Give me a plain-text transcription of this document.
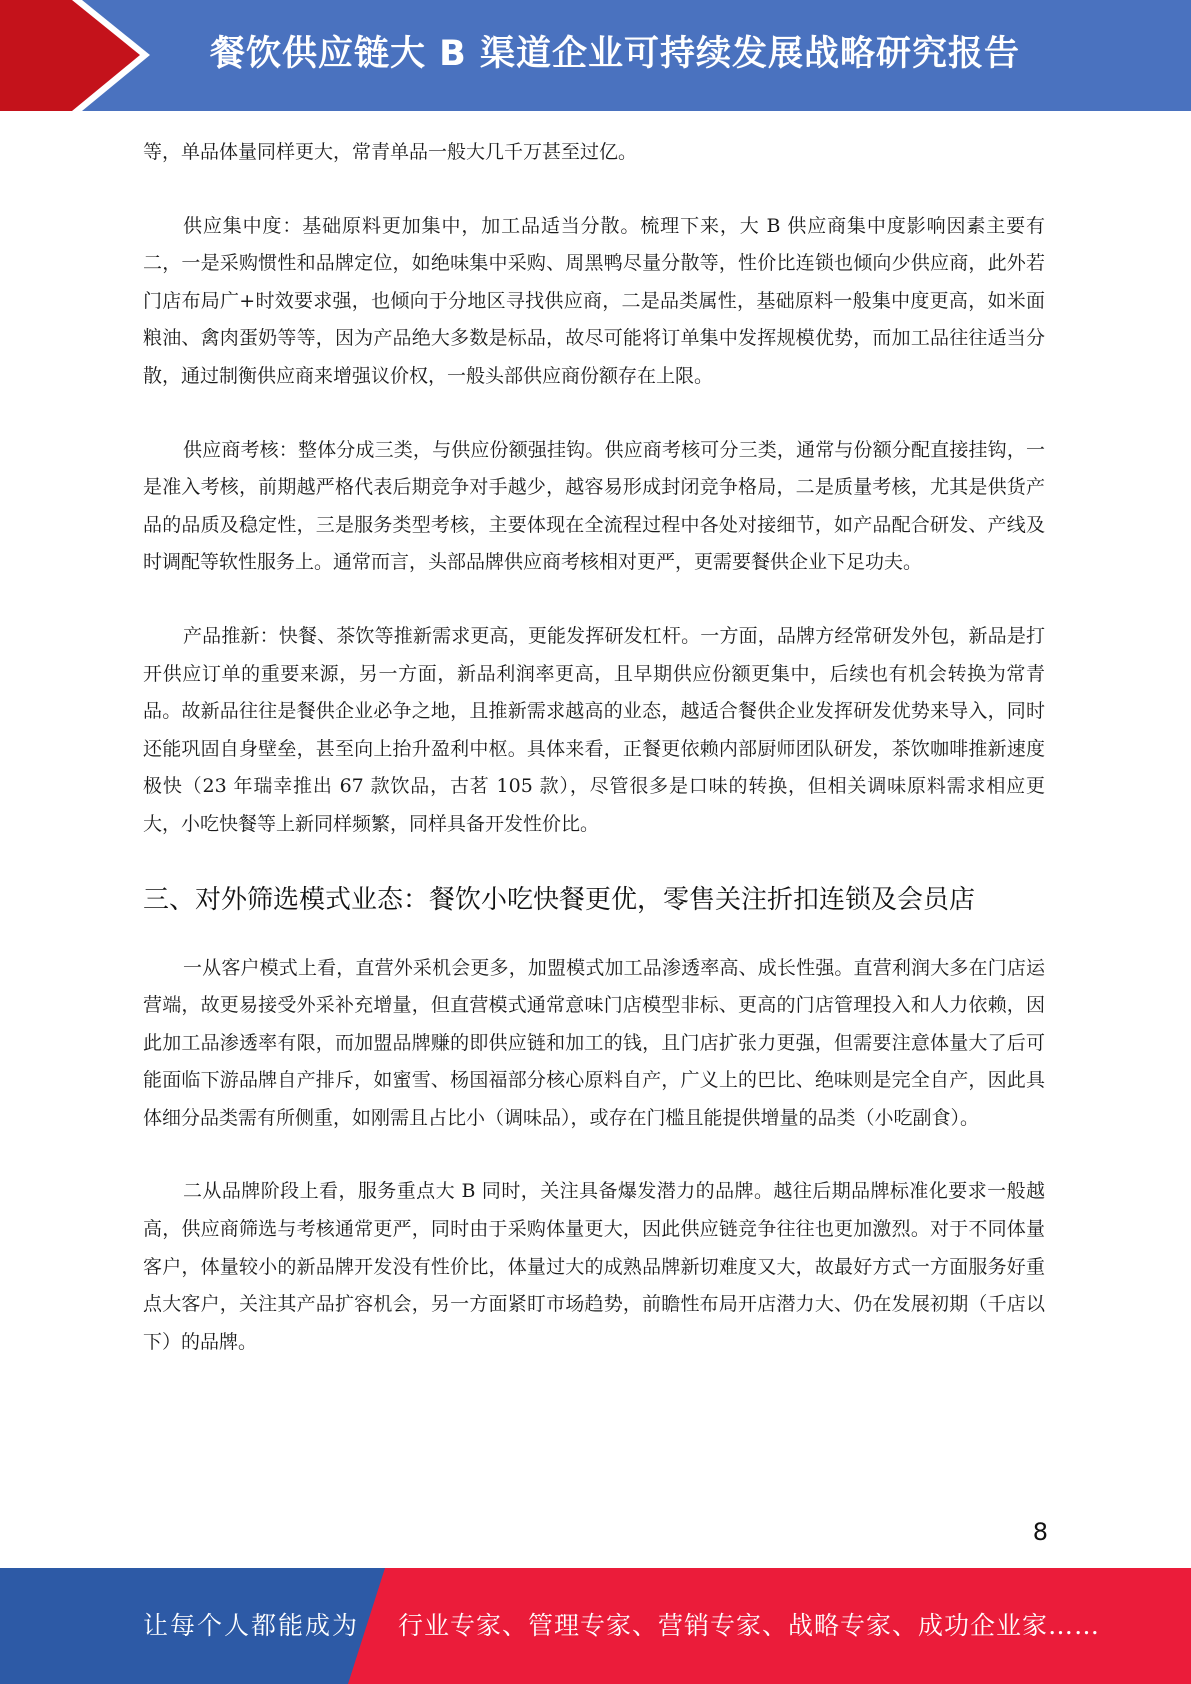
餐饮供应链大 B 渠道企业可持续发展战略研究报告

等，单品体量同样更大，常青单品一般大几千万甚至过亿。

供应集中度：基础原料更加集中，加工品适当分散。梳理下来，大 B 供应商集中度影响因素主要有二，一是采购惯性和品牌定位，如绝味集中采购、周黑鸭尽量分散等，性价比连锁也倾向少供应商，此外若门店布局广+时效要求强，也倾向于分地区寻找供应商，二是品类属性，基础原料一般集中度更高，如米面粮油、禽肉蛋奶等等，因为产品绝大多数是标品，故尽可能将订单集中发挥规模优势，而加工品往往适当分散，通过制衡供应商来增强议价权，一般头部供应商份额存在上限。

供应商考核：整体分成三类，与供应份额强挂钩。供应商考核可分三类，通常与份额分配直接挂钩，一是准入考核，前期越严格代表后期竞争对手越少，越容易形成封闭竞争格局，二是质量考核，尤其是供货产品的品质及稳定性，三是服务类型考核，主要体现在全流程过程中各处对接细节，如产品配合研发、产线及时调配等软性服务上。通常而言，头部品牌供应商考核相对更严，更需要餐供企业下足功夫。

产品推新：快餐、茶饮等推新需求更高，更能发挥研发杠杆。一方面，品牌方经常研发外包，新品是打开供应订单的重要来源，另一方面，新品利润率更高，且早期供应份额更集中，后续也有机会转换为常青品。故新品往往是餐供企业必争之地，且推新需求越高的业态，越适合餐供企业发挥研发优势来导入，同时还能巩固自身壁垒，甚至向上抬升盈利中枢。具体来看，正餐更依赖内部厨师团队研发，茶饮咖啡推新速度极快（23 年瑞幸推出 67 款饮品，古茗 105 款），尽管很多是口味的转换，但相关调味原料需求相应更大，小吃快餐等上新同样频繁，同样具备开发性价比。

三、对外筛选模式业态：餐饮小吃快餐更优，零售关注折扣连锁及会员店

一从客户模式上看，直营外采机会更多，加盟模式加工品渗透率高、成长性强。直营利润大多在门店运营端，故更易接受外采补充增量，但直营模式通常意味门店模型非标、更高的门店管理投入和人力依赖，因此加工品渗透率有限，而加盟品牌赚的即供应链和加工的钱，且门店扩张力更强，但需要注意体量大了后可能面临下游品牌自产排斥，如蜜雪、杨国福部分核心原料自产，广义上的巴比、绝味则是完全自产，因此具体细分品类需有所侧重，如刚需且占比小（调味品），或存在门槛且能提供增量的品类（小吃副食）。

二从品牌阶段上看，服务重点大 B 同时，关注具备爆发潜力的品牌。越往后期品牌标准化要求一般越高，供应商筛选与考核通常更严，同时由于采购体量更大，因此供应链竞争往往也更加激烈。对于不同体量客户，体量较小的新品牌开发没有性价比，体量过大的成熟品牌新切难度又大，故最好方式一方面服务好重点大客户，关注其产品扩容机会，另一方面紧盯市场趋势，前瞻性布局开店潜力大、仍在发展初期（千店以下）的品牌。

8
让每个人都能成为 行业专家、管理专家、营销专家、战略专家、成功企业家……
